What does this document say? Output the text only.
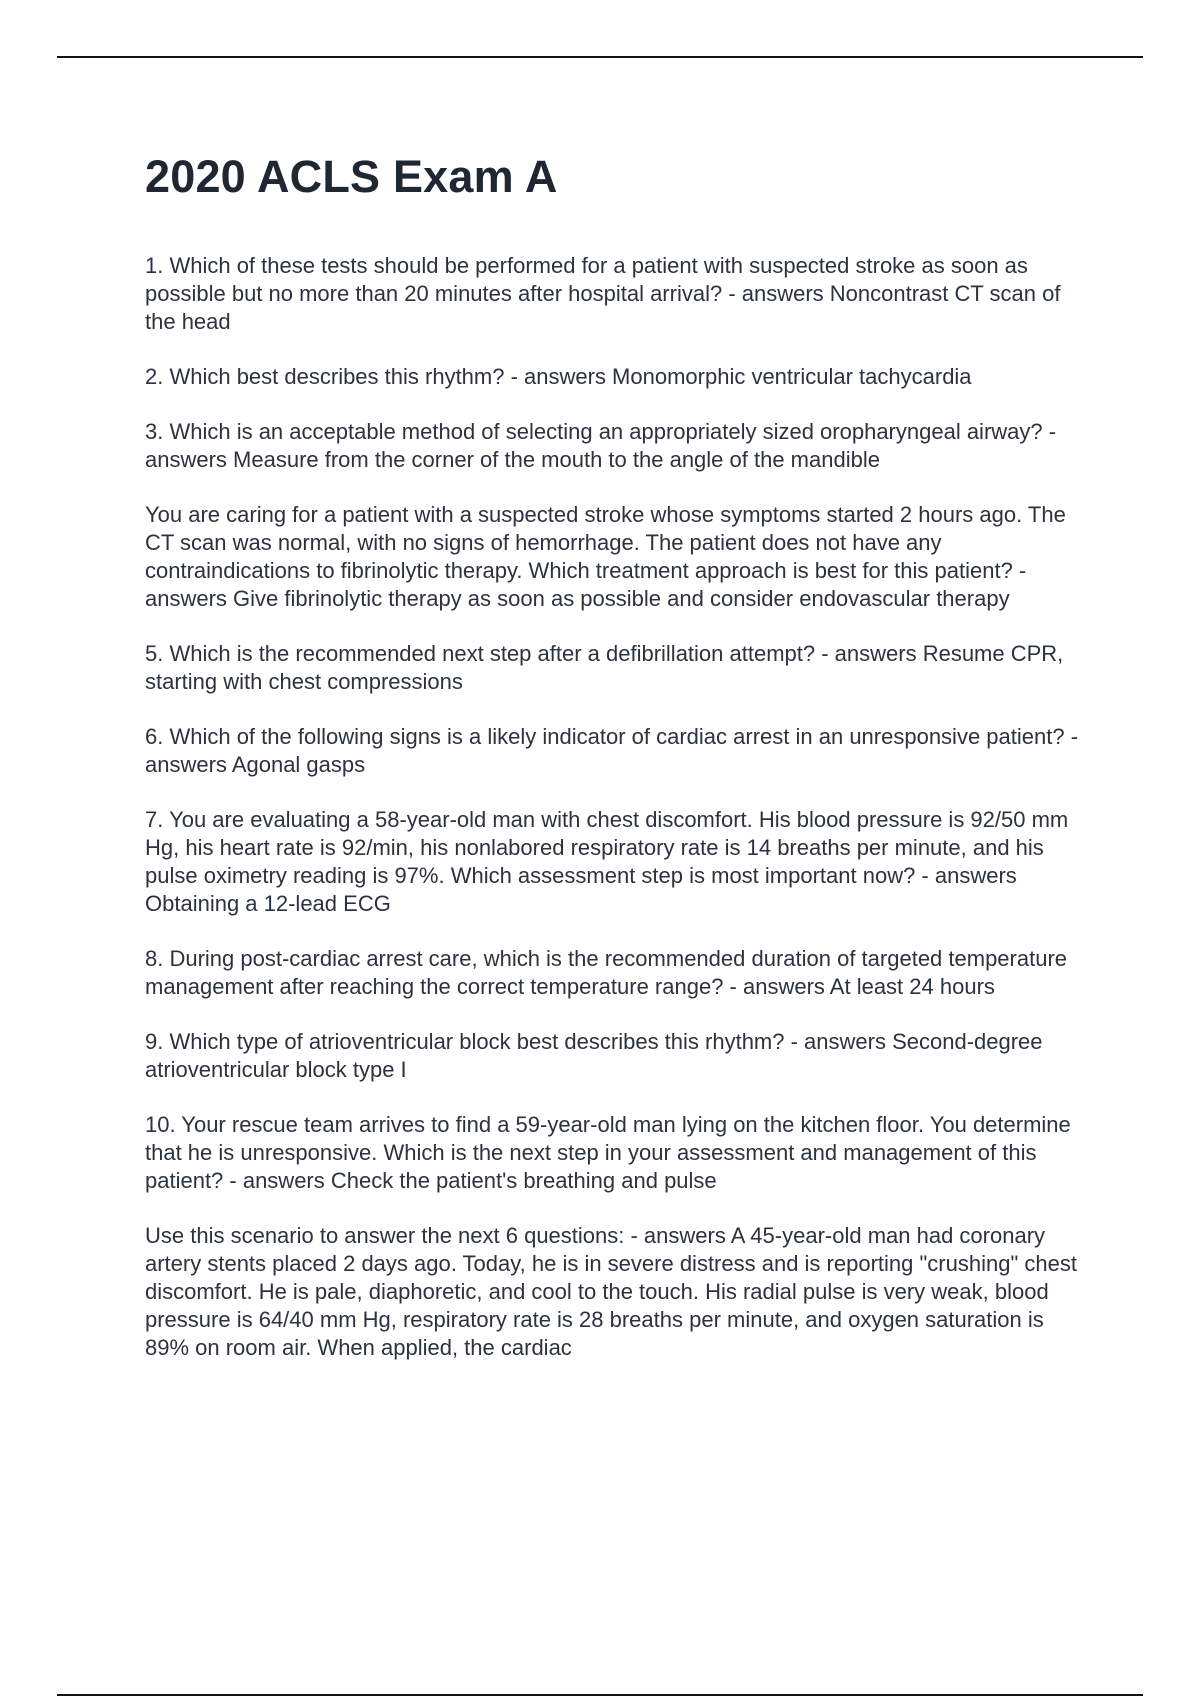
2020 ACLS Exam A

1. Which of these tests should be performed for a patient with suspected stroke as soon as possible but no more than 20 minutes after hospital arrival? - answers Noncontrast CT scan of the head

2. Which best describes this rhythm? - answers Monomorphic ventricular tachycardia

3. Which is an acceptable method of selecting an appropriately sized oropharyngeal airway? - answers Measure from the corner of the mouth to the angle of the mandible

You are caring for a patient with a suspected stroke whose symptoms started 2 hours ago. The CT scan was normal, with no signs of hemorrhage. The patient does not have any contraindications to fibrinolytic therapy. Which treatment approach is best for this patient? - answers Give fibrinolytic therapy as soon as possible and consider endovascular therapy

5. Which is the recommended next step after a defibrillation attempt? - answers Resume CPR, starting with chest compressions

6. Which of the following signs is a likely indicator of cardiac arrest in an unresponsive patient? - answers Agonal gasps

7. You are evaluating a 58-year-old man with chest discomfort. His blood pressure is 92/50 mm Hg, his heart rate is 92/min, his nonlabored respiratory rate is 14 breaths per minute, and his pulse oximetry reading is 97%. Which assessment step is most important now? - answers Obtaining a 12-lead ECG

8. During post-cardiac arrest care, which is the recommended duration of targeted temperature management after reaching the correct temperature range? - answers At least 24 hours

9. Which type of atrioventricular block best describes this rhythm? - answers Second-degree atrioventricular block type I

10. Your rescue team arrives to find a 59-year-old man lying on the kitchen floor. You determine that he is unresponsive. Which is the next step in your assessment and management of this patient? - answers Check the patient's breathing and pulse

Use this scenario to answer the next 6 questions: - answers A 45-year-old man had coronary artery stents placed 2 days ago. Today, he is in severe distress and is reporting "crushing" chest discomfort. He is pale, diaphoretic, and cool to the touch. His radial pulse is very weak, blood pressure is 64/40 mm Hg, respiratory rate is 28 breaths per minute, and oxygen saturation is 89% on room air. When applied, the cardiac
